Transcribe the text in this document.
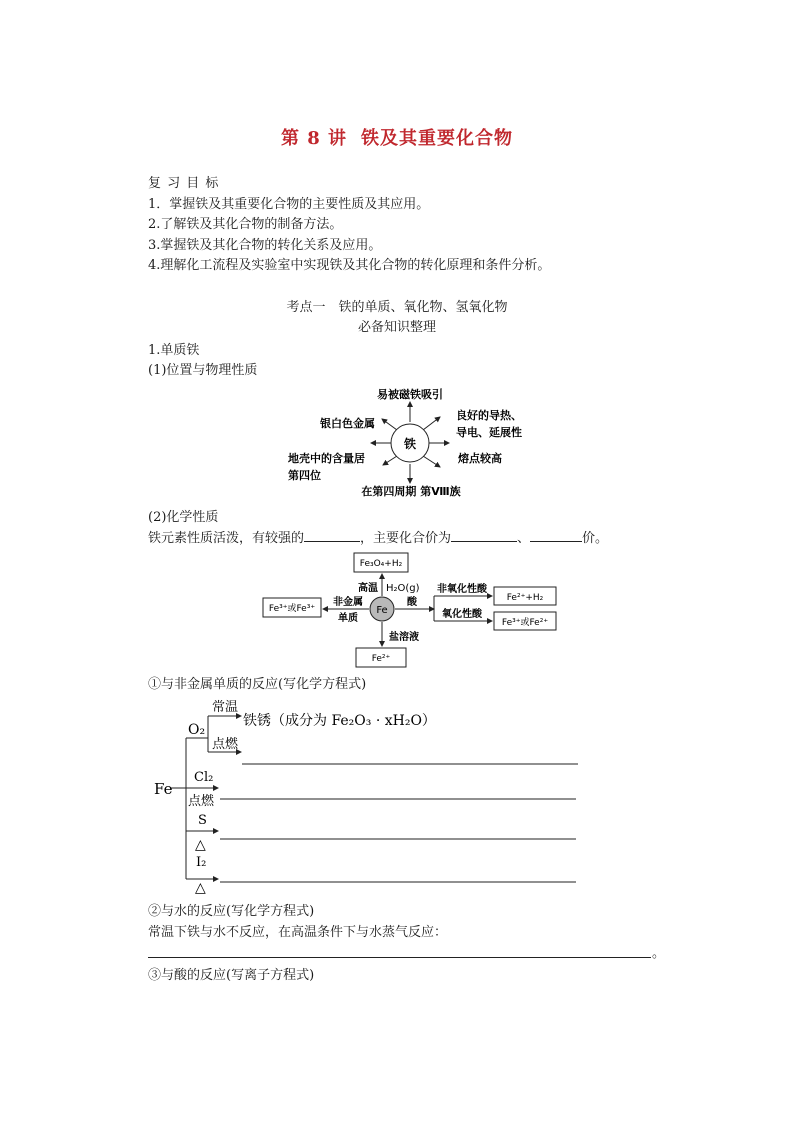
第 8 讲 铁及其重要化合物
复 习 目 标
1．掌握铁及其重要化合物的主要性质及其应用。
2.了解铁及其化合物的制备方法。
3.掌握铁及其化合物的转化关系及应用。
4.理解化工流程及实验室中实现铁及其化合物的转化原理和条件分析。
考点一　铁的单质、氧化物、氢氧化物
必备知识整理
1.单质铁
(1)位置与物理性质
铁
易被磁铁吸引
良好的导热、
导电、延展性
银白色金属
地壳中的含量居
第四位
熔点较高
在第四周期 第Ⅷ族
(2)化学性质
铁元素性质活泼，有较强的	，主要化合价为	、	价。
Fe
Fe₃O₄+H₂
高温 H₂O(g)
Fe³⁺或Fe³⁺
非金属
单质
酸
非氧化性酸
Fe²⁺+H₂
氧化性酸
Fe³⁺或Fe²⁺
盐溶液
Fe²⁺
①与非金属单质的反应(写化学方程式)
Fe
O₂
常温
铁锈（成分为 Fe₂O₃ · xH₂O）
点燃
Cl₂
点燃
S
△
I₂
△
②与水的反应(写化学方程式)
常温下铁与水不反应，在高温条件下与水蒸气反应：
。
③与酸的反应(写离子方程式)
